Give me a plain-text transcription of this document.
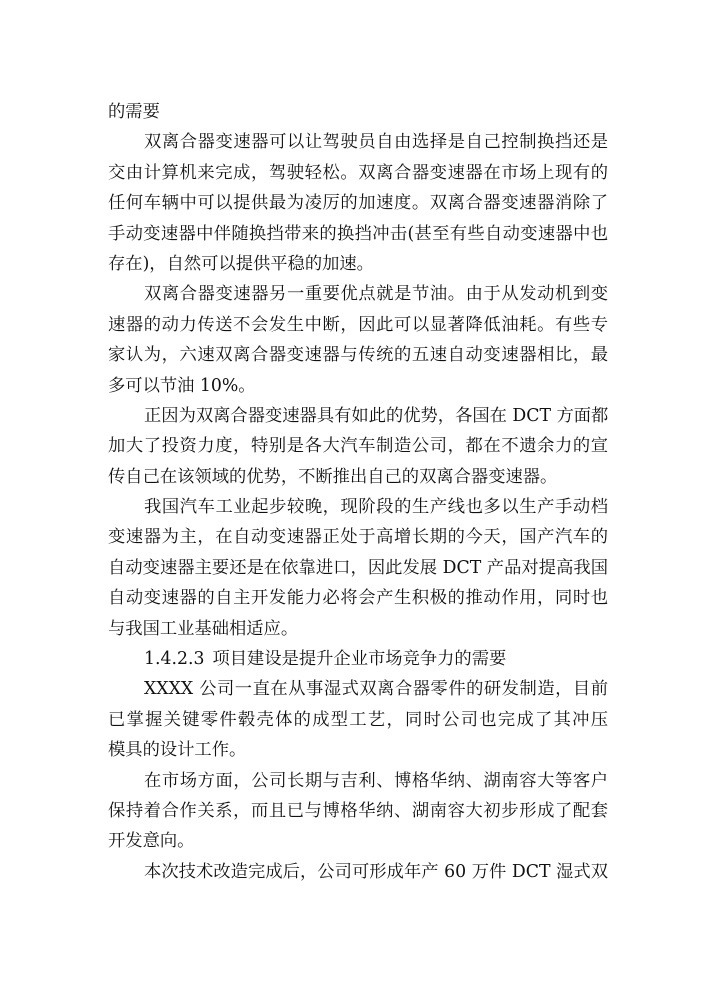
的需要
双离合器变速器可以让驾驶员自由选择是自己控制换挡还是
交由计算机来完成，驾驶轻松。双离合器变速器在市场上现有的
任何车辆中可以提供最为凌厉的加速度。双离合器变速器消除了
手动变速器中伴随换挡带来的换挡冲击(甚至有些自动变速器中也
存在)，自然可以提供平稳的加速。
双离合器变速器另一重要优点就是节油。由于从发动机到变
速器的动力传送不会发生中断，因此可以显著降低油耗。有些专
家认为，六速双离合器变速器与传统的五速自动变速器相比，最
多可以节油 10%。
正因为双离合器变速器具有如此的优势，各国在 DCT 方面都
加大了投资力度，特别是各大汽车制造公司，都在不遗余力的宣
传自己在该领域的优势，不断推出自己的双离合器变速器。
我国汽车工业起步较晚，现阶段的生产线也多以生产手动档
变速器为主，在自动变速器正处于高增长期的今天，国产汽车的
自动变速器主要还是在依靠进口，因此发展 DCT 产品对提高我国
自动变速器的自主开发能力必将会产生积极的推动作用，同时也
与我国工业基础相适应。
1.4.2.3 项目建设是提升企业市场竞争力的需要
XXXX 公司一直在从事湿式双离合器零件的研发制造，目前
已掌握关键零件毂壳体的成型工艺，同时公司也完成了其冲压
模具的设计工作。
在市场方面，公司长期与吉利、博格华纳、湖南容大等客户
保持着合作关系，而且已与博格华纳、湖南容大初步形成了配套
开发意向。
本次技术改造完成后，公司可形成年产 60 万件 DCT 湿式双
